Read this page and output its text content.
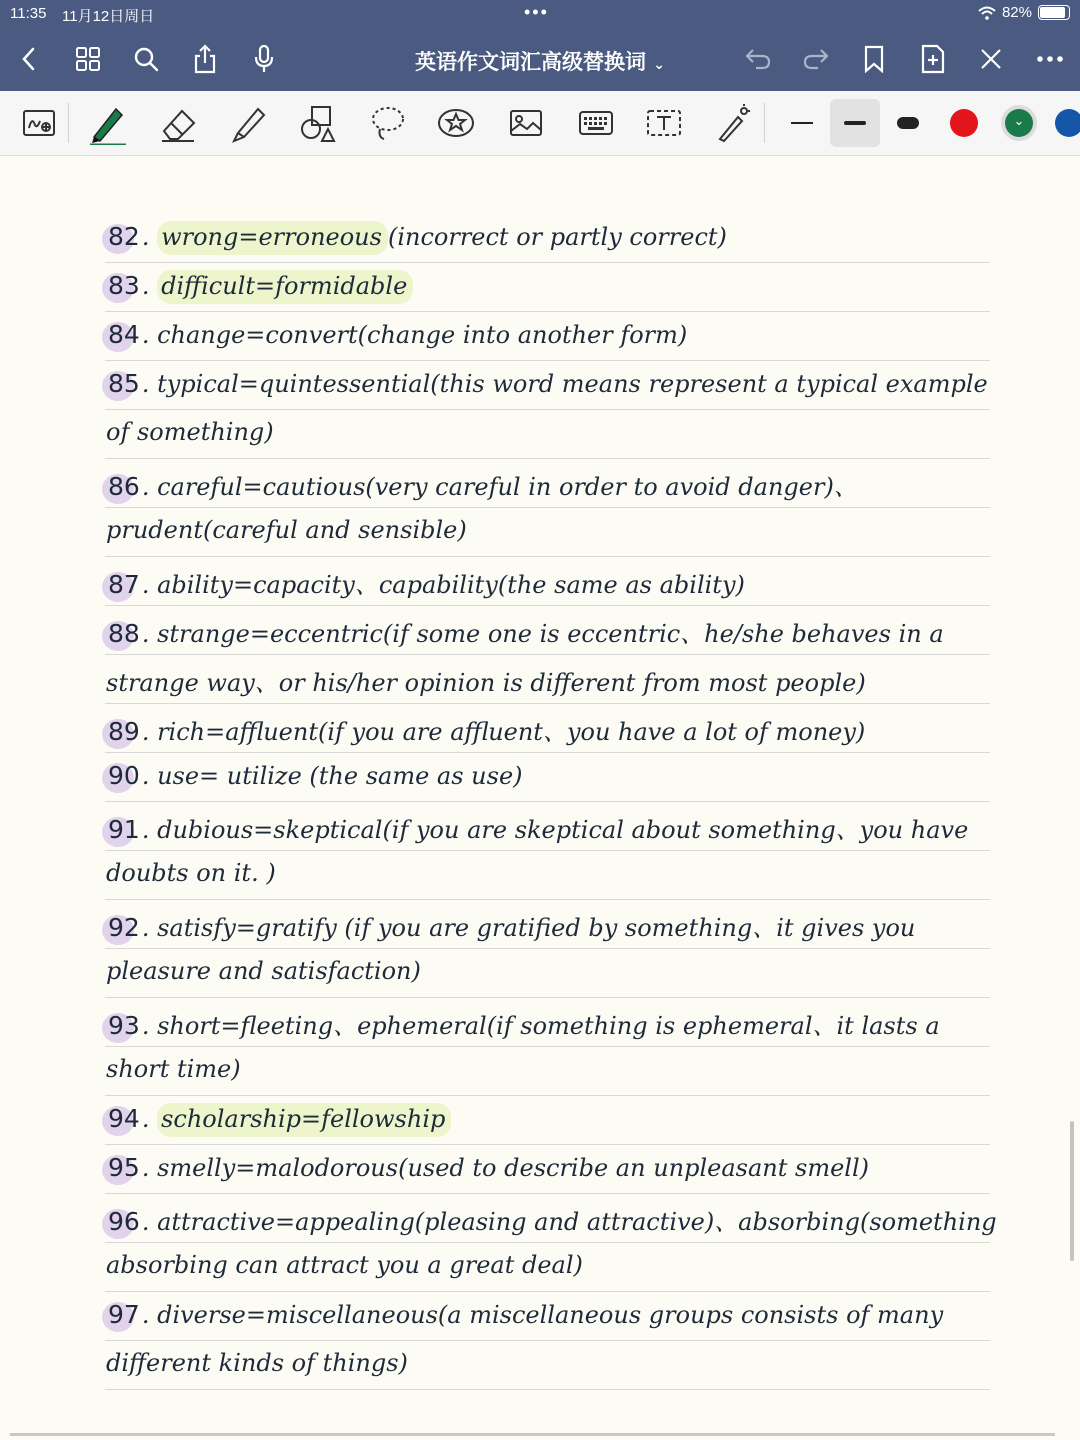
11:35 11月12日周日	•••	82%
英语作文词汇高级替换词 ⌄
⌄
82. wrong=erroneous (incorrect or partly correct)
83. difficult=formidable
84. change=convert(change into another form)
85. typical=quintessential(this word means represent a typical example
of something)
86. careful=cautious(very careful in order to avoid danger)、
prudent(careful and sensible)
87. ability=capacity、capability(the same as ability)
88. strange=eccentric(if some one is eccentric、he/she behaves in a
strange way、or his/her opinion is different from most people)
89. rich=affluent(if you are affluent、you have a lot of money)
90. use= utilize (the same as use)
91. dubious=skeptical(if you are skeptical about something、you have
doubts on it. )
92. satisfy=gratify (if you are gratified by something、it gives you
pleasure and satisfaction)
93. short=fleeting、ephemeral(if something is ephemeral、it lasts a
short time)
94. scholarship=fellowship
95. smelly=malodorous(used to describe an unpleasant smell)
96. attractive=appealing(pleasing and attractive)、absorbing(something
absorbing can attract you a great deal)
97. diverse=miscellaneous(a miscellaneous groups consists of many
different kinds of things)
